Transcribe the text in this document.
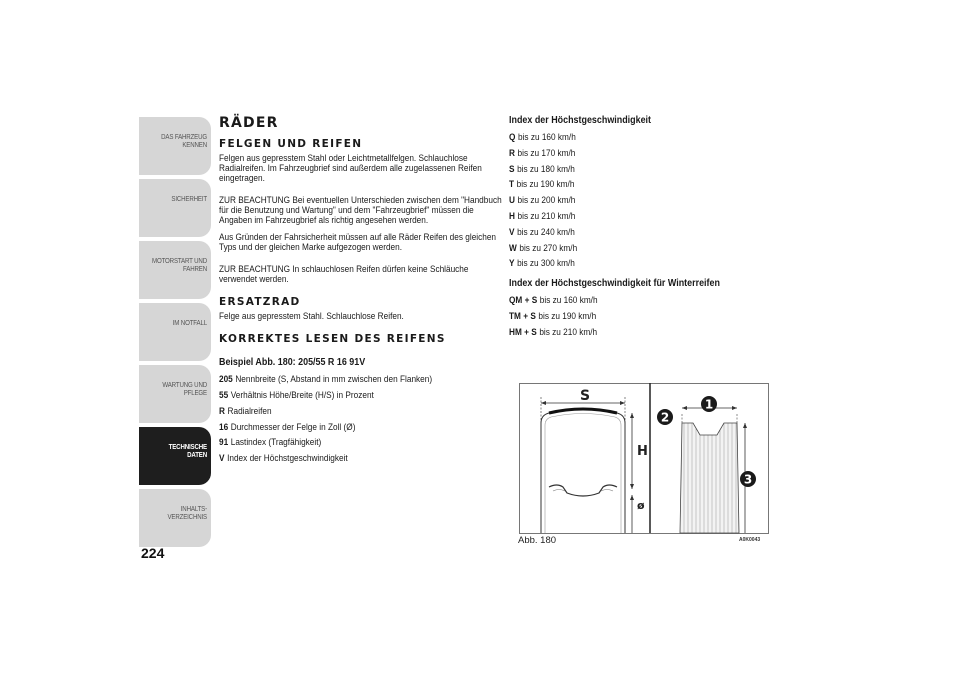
DAS FAHRZEUG
KENNEN
SICHERHEIT
MOTORSTART UND
FAHREN
IM NOTFALL
WARTUNG UND
PFLEGE
TECHNISCHE
DATEN
INHALTS-
VERZEICHNIS
224
RÄDER
FELGEN UND REIFEN

Felgen aus gepresstem Stahl oder Leichtmetallfelgen. Schlauchlose Radialreifen. Im Fahrzeugbrief sind außerdem alle zugelassenen Reifen eingetragen.

ZUR BEACHTUNG Bei eventuellen Unterschieden zwischen dem "Handbuch für die Benutzung und Wartung" und dem "Fahrzeugbrief" müssen die Angaben im Fahrzeugbrief als richtig angesehen werden.

Aus Gründen der Fahrsicherheit müssen auf alle Räder Reifen des gleichen Typs und der gleichen Marke aufgezogen werden.

ZUR BEACHTUNG In schlauchlosen Reifen dürfen keine Schläuche verwendet werden.

ERSATZRAD

Felge aus gepresstem Stahl. Schlauchlose Reifen.

KORREKTES LESEN DES REIFENS
Beispiel Abb. 180: 205/55 R 16 91V
205 Nennbreite (S, Abstand in mm zwischen den Flanken)
55 Verhältnis Höhe/Breite (H/S) in Prozent
R Radialreifen
16 Durchmesser der Felge in Zoll (Ø)
91 Lastindex (Tragfähigkeit)
V Index der Höchstgeschwindigkeit
Index der Höchstgeschwindigkeit
Q bis zu 160 km/h
R bis zu 170 km/h
S bis zu 180 km/h
T bis zu 190 km/h
U bis zu 200 km/h
H bis zu 210 km/h
V bis zu 240 km/h
W bis zu 270 km/h
Y bis zu 300 km/h
Index der Höchstgeschwindigkeit für Winterreifen
QM + S bis zu 160 km/h
TM + S bis zu 190 km/h
HM + S bis zu 210 km/h
S
H
ø
1
2
3
Abb. 180	A0K0043
